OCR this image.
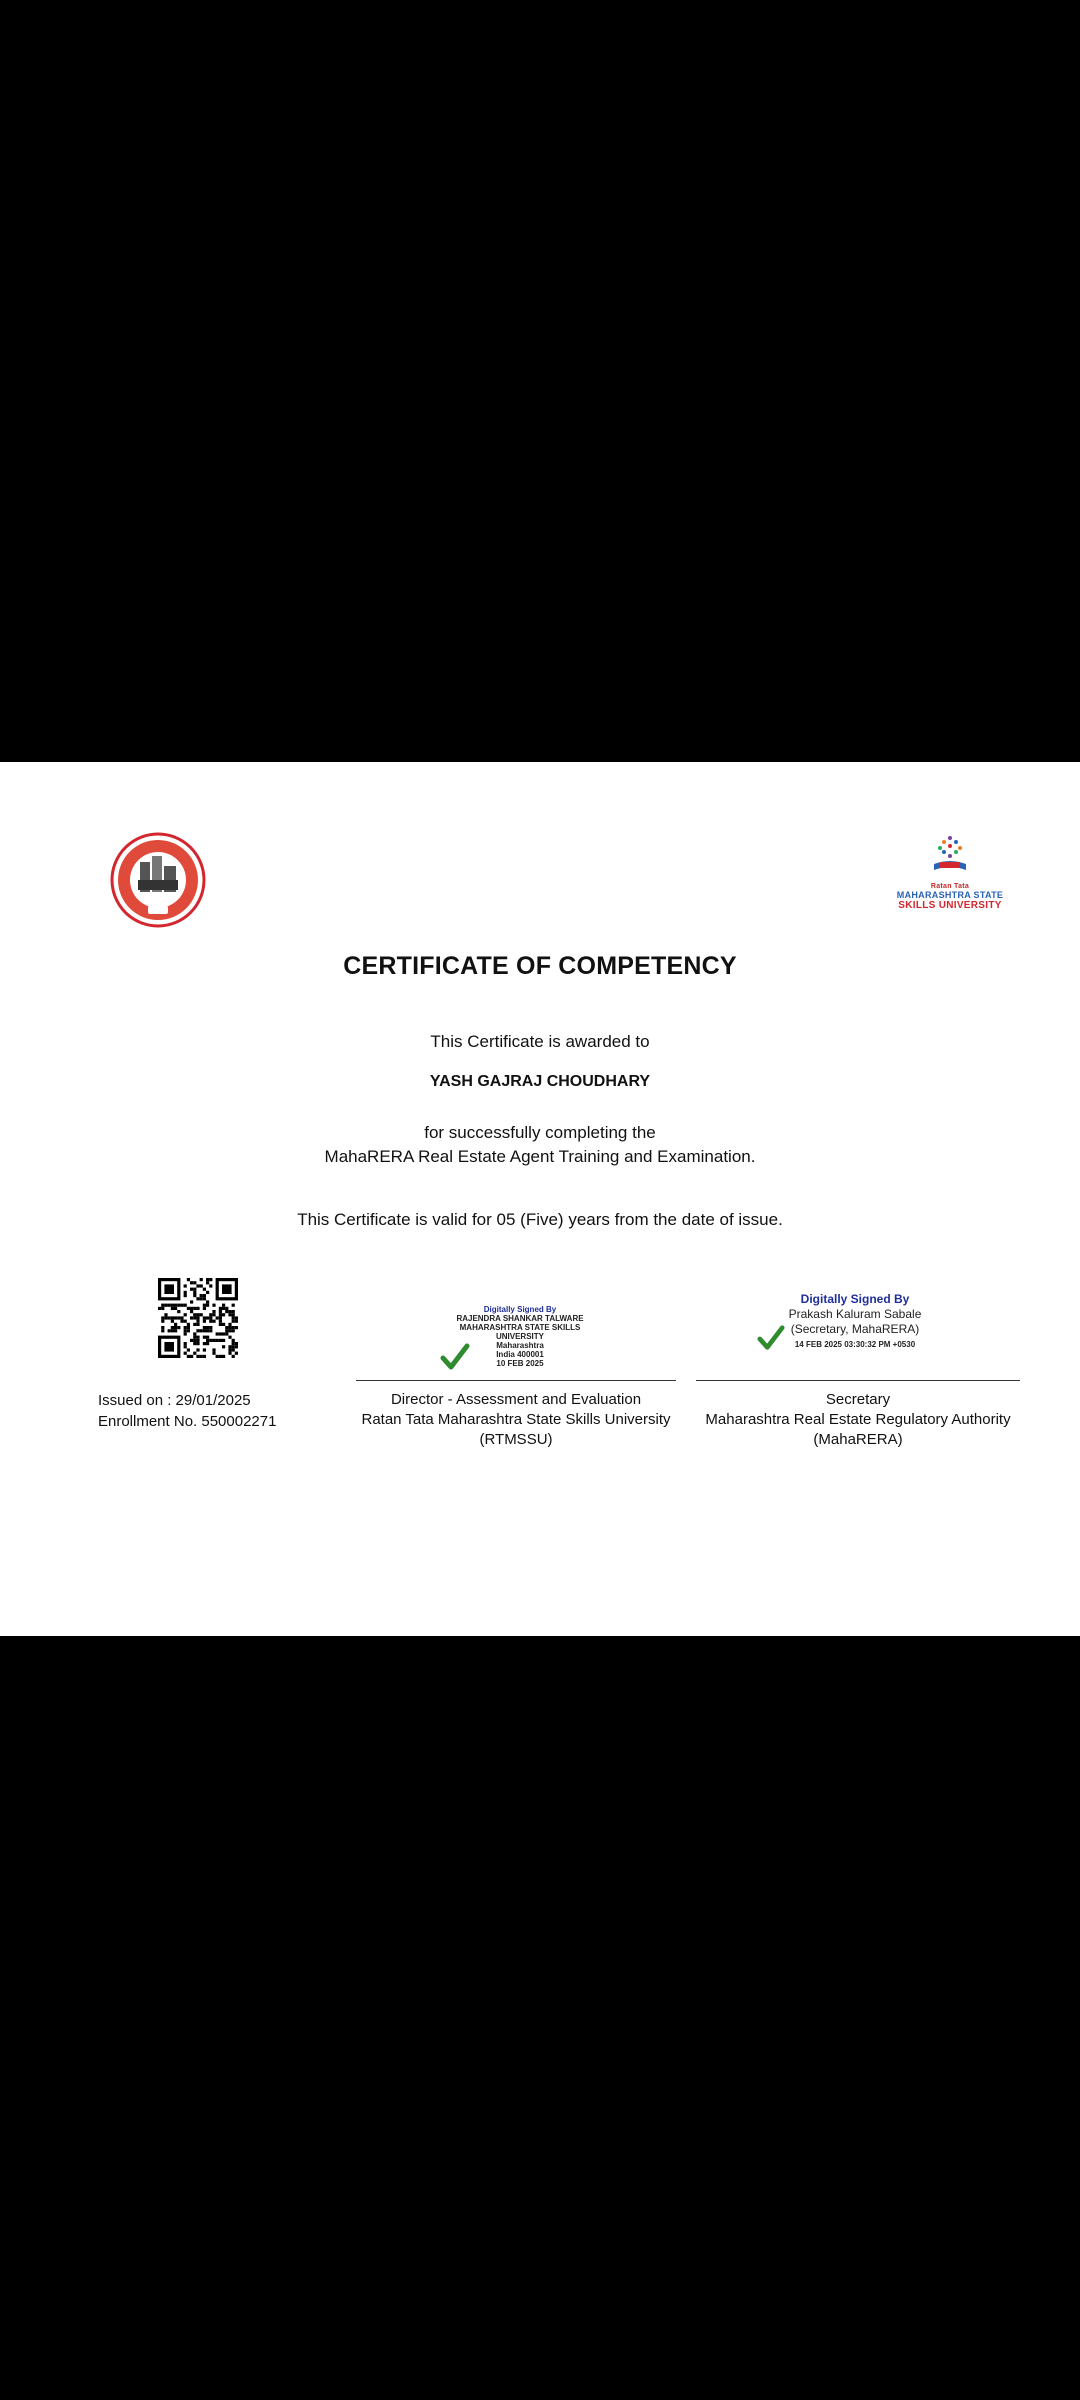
Ratan Tata
MAHARASHTRA STATE
SKILLS UNIVERSITY
CERTIFICATE OF COMPETENCY
This Certificate is awarded to
YASH GAJRAJ CHOUDHARY
for successfully completing the
MahaRERA Real Estate Agent Training and Examination.
This Certificate is valid for 05 (Five) years from the date of issue.
Issued on : 29/01/2025
Enrollment No. 550002271
Digitally Signed By
RAJENDRA SHANKAR TALWARE
MAHARASHTRA STATE SKILLS
UNIVERSITY
Maharashtra
India 400001
10 FEB 2025
Digitally Signed By
Prakash Kaluram Sabale
(Secretary, MahaRERA)
14 FEB 2025 03:30:32 PM +0530
Director - Assessment and Evaluation
Ratan Tata Maharashtra State Skills University
(RTMSSU)
Secretary
Maharashtra Real Estate Regulatory Authority
(MahaRERA)
